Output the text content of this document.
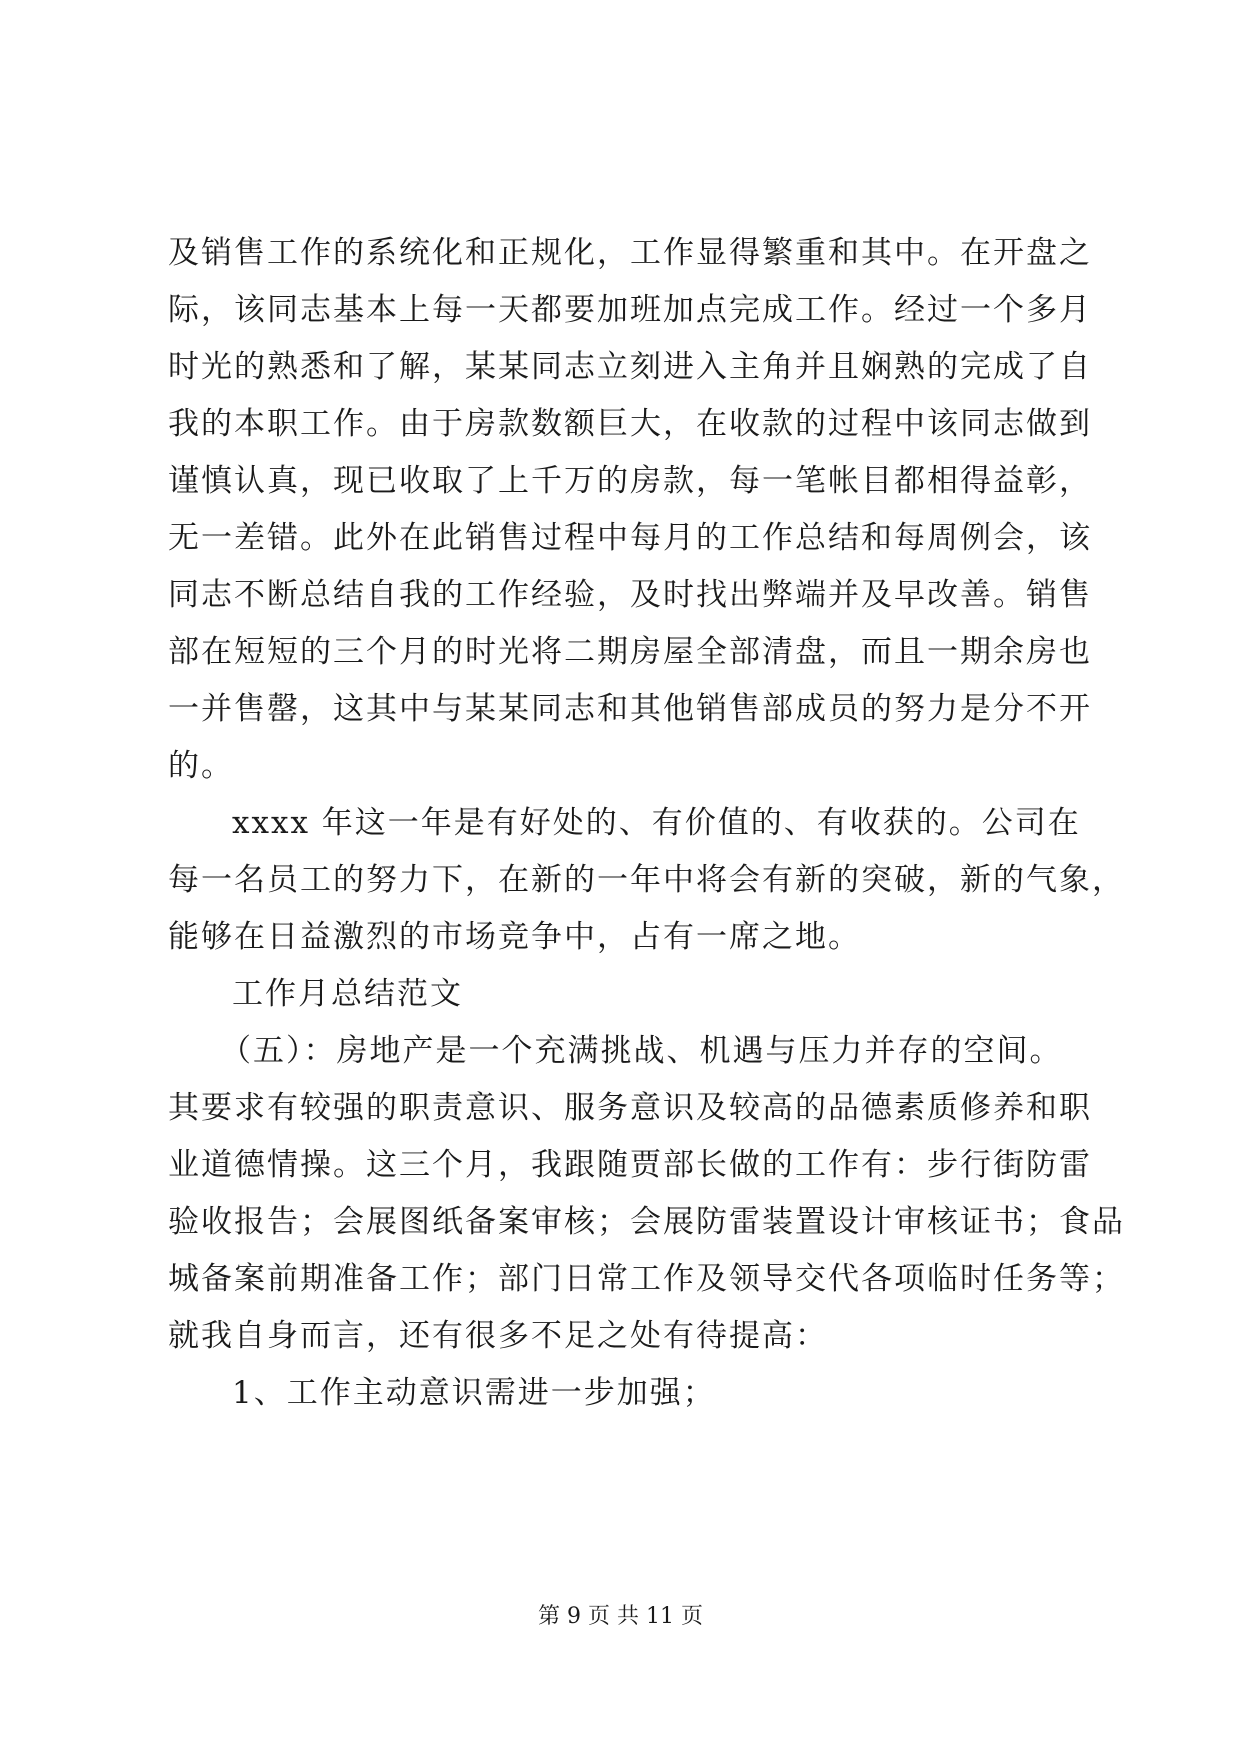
及销售工作的系统化和正规化，工作显得繁重和其中。在开盘之
际，该同志基本上每一天都要加班加点完成工作。经过一个多月
时光的熟悉和了解，某某同志立刻进入主角并且娴熟的完成了自
我的本职工作。由于房款数额巨大，在收款的过程中该同志做到
谨慎认真，现已收取了上千万的房款，每一笔帐目都相得益彰，
无一差错。此外在此销售过程中每月的工作总结和每周例会，该
同志不断总结自我的工作经验，及时找出弊端并及早改善。销售
部在短短的三个月的时光将二期房屋全部清盘，而且一期余房也
一并售罄，这其中与某某同志和其他销售部成员的努力是分不开
的。
xxxx 年这一年是有好处的、有价值的、有收获的。公司在
每一名员工的努力下，在新的一年中将会有新的突破，新的气象，
能够在日益激烈的市场竞争中，占有一席之地。
工作月总结范文
（五）：房地产是一个充满挑战、机遇与压力并存的空间。
其要求有较强的职责意识、服务意识及较高的品德素质修养和职
业道德情操。这三个月，我跟随贾部长做的工作有：步行街防雷
验收报告；会展图纸备案审核；会展防雷装置设计审核证书；食品
城备案前期准备工作；部门日常工作及领导交代各项临时任务等；
就我自身而言，还有很多不足之处有待提高：
1、工作主动意识需进一步加强；
第 9 页 共 11 页
